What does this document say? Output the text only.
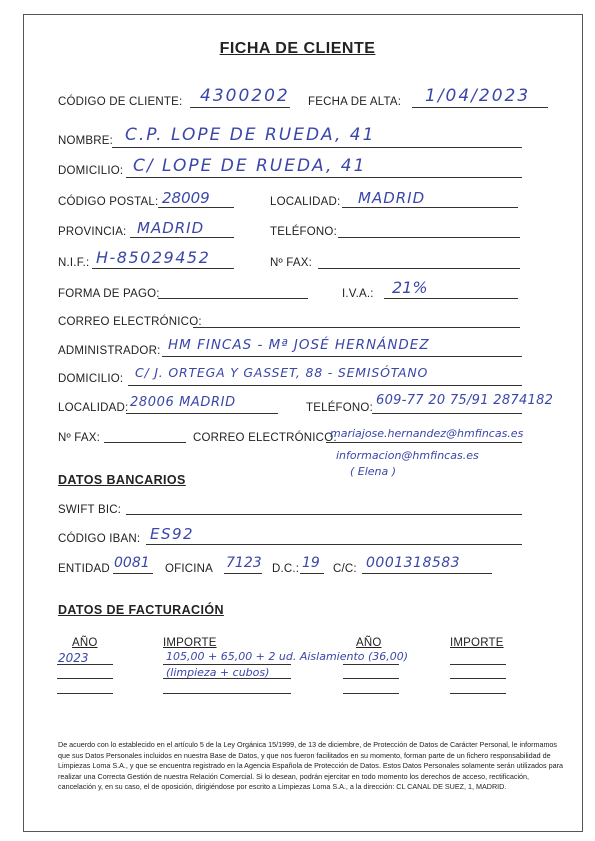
FICHA DE CLIENTE
CÓDIGO DE CLIENTE: 4300202 FECHA DE ALTA: 1/04/2023
NOMBRE: C.P. LOPE DE RUEDA, 41
DOMICILIO: C/ LOPE DE RUEDA, 41
CÓDIGO POSTAL: 28009	LOCALIDAD: MADRID
PROVINCIA: MADRID	TELÉFONO:
N.I.F.: H-85029452	Nº FAX:
FORMA DE PAGO:	I.V.A.: 21%
CORREO ELECTRÓNICO:
ADMINISTRADOR: HM FINCAS - Mª JOSÉ HERNÁNDEZ
DOMICILIO: C/ J. ORTEGA Y GASSET, 88 - SEMISÓTANO
LOCALIDAD: 28006 MADRID	TELÉFONO: 609-77 20 75/91 2874182
Nº FAX:	CORREO ELECTRÓNICO:
mariajose.hernandez@hmfincas.es
informacion@hmfincas.es
( Elena )
DATOS BANCARIOS
SWIFT BIC:
CÓDIGO IBAN: ES92
ENTIDAD 0081 OFICINA 7123 D.C.: 19 C/C: 0001318583
DATOS DE FACTURACIÓN
AÑO	IMPORTE	AÑO	IMPORTE
2023	105,00 + 65,00 + 2 ud. Aislamiento (36,00)
(limpieza + cubos)
De acuerdo con lo establecido en el artículo 5 de la Ley Orgánica 15/1999, de 13 de diciembre, de Protección de Datos de Carácter Personal, le informamos que sus Datos Personales incluidos en nuestra Base de Datos, y que nos fueron facilitados en su momento, forman parte de un fichero responsabilidad de Limpiezas Loma S.A., y que se encuentra registrado en la Agencia Española de Protección de Datos. Estos Datos Personales solamente serán utilizados para realizar una Correcta Gestión de nuestra Relación Comercial. Si lo desean, podrán ejercitar en todo momento los derechos de acceso, rectificación, cancelación y, en su caso, el de oposición, dirigiéndose por escrito a Limpiezas Loma S.A., a la dirección: CL CANAL DE SUEZ, 1, MADRID.
